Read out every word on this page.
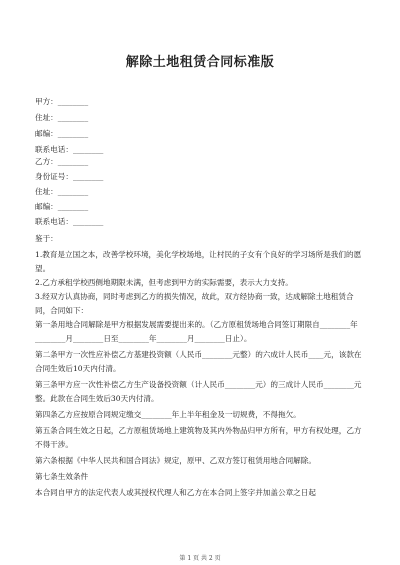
解除土地租赁合同标准版
甲方：________
住址：________
邮编：________
联系电话：________
乙方：________
身份证号：________
住址：________
邮编：________
联系电话：________
鉴于：
1.教育是立国之本，改善学校环境，美化学校场地，让村民的子女有个良好的学习场所是我们的愿望。
2.乙方承租学校西侧地期限未满，但考虑到甲方的实际需要，表示大力支持。
3.经双方认真协商，同时考虑到乙方的损失情况，故此，双方经协商一致，达成解除土地租赁合同，合同如下：
第一条用地合同解除是甲方根据发展需要提出来的。（乙方原租赁场地合同签订期限自________年________月________日至________年________月________日止）。
第二条甲方一次性应补偿乙方基建投资额（人民币________元整）的六成计人民币____元，该款在合同生效后10天内付清。
第三条甲方应一次性补偿乙方生产设备投资额（计人民币________元）的三成计人民币________元整。此款在合同生效后30天内付清。
第四条乙方应按原合同规定缴交________年上半年租金及一切规费，不得拖欠。
第五条合同生效之日起，乙方原租赁场地上建筑物及其内外物品归甲方所有，甲方有权处理，乙方不得干涉。
第六条根据《中华人民共和国合同法》规定，原甲、乙双方签订租赁用地合同解除。
第七条生效条件
本合同自甲方的法定代表人或其授权代理人和乙方在本合同上签字并加盖公章之日起
第 1 页 共 2 页
